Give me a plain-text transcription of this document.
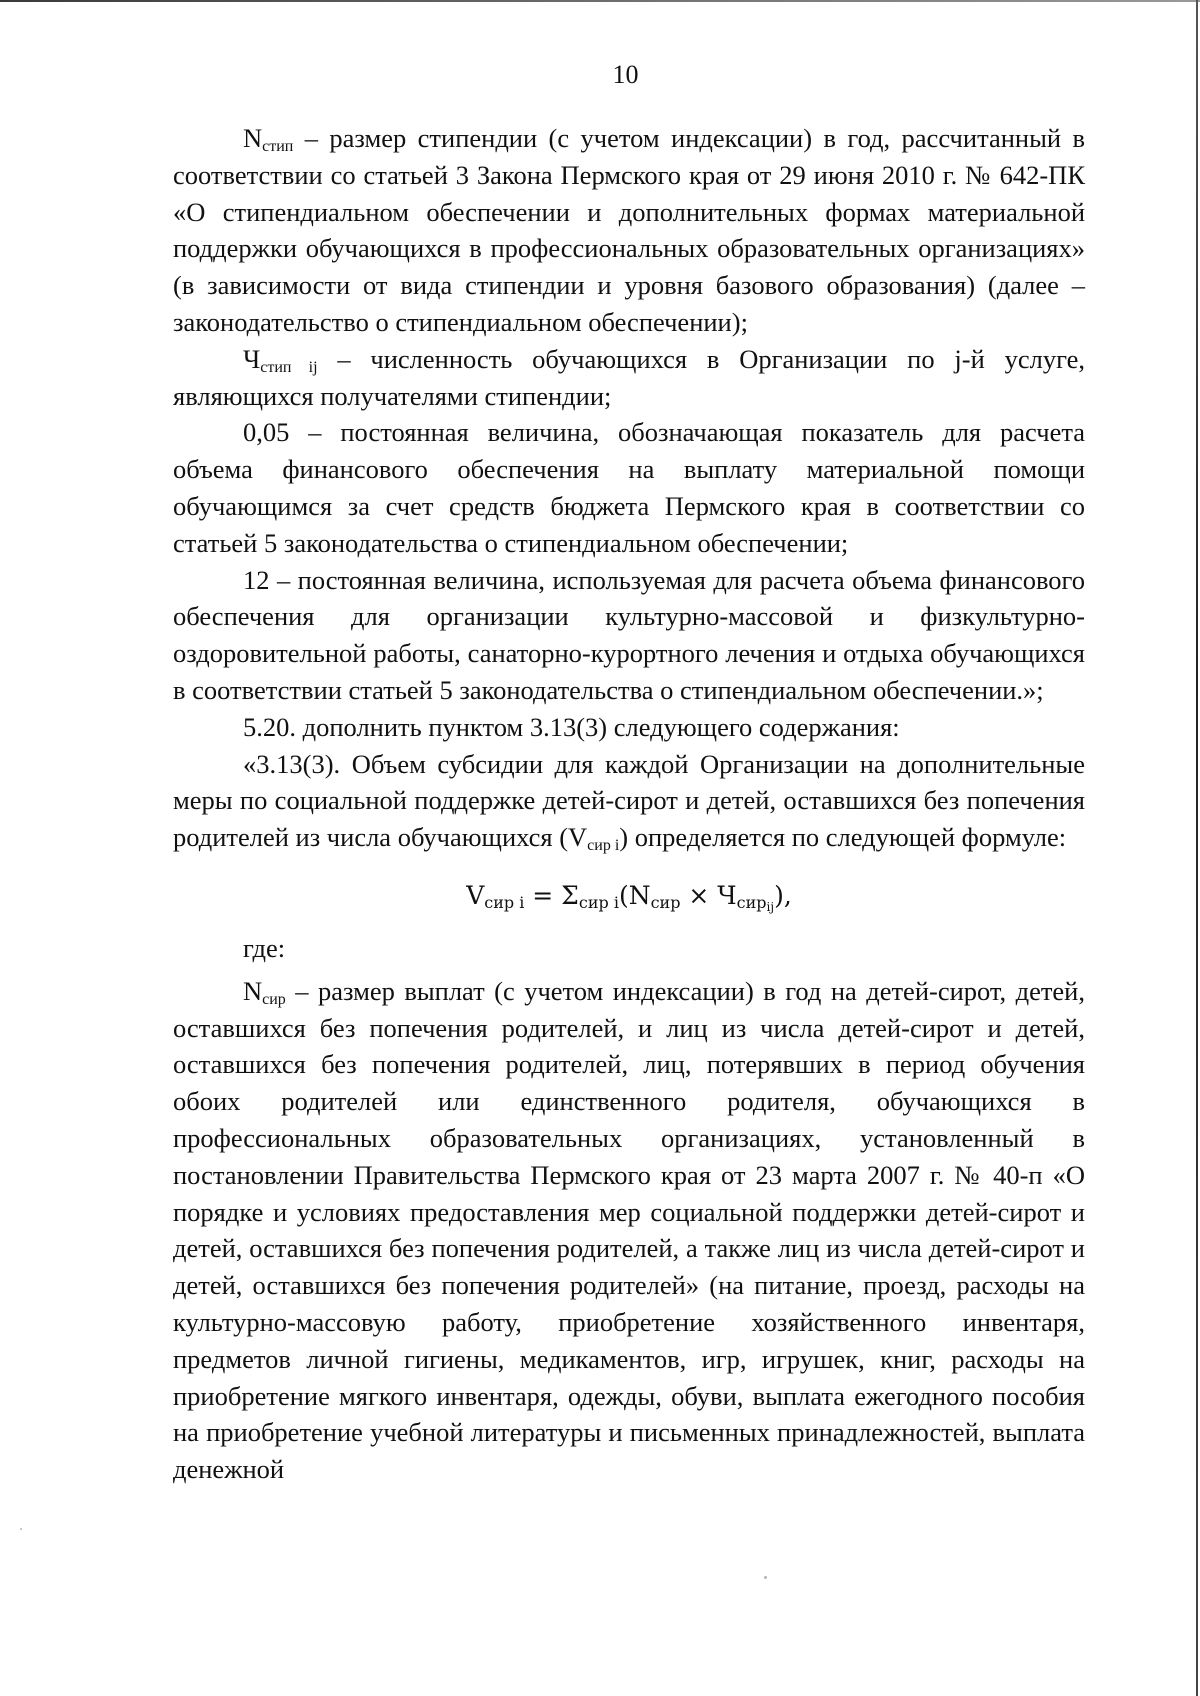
10

$N_{стип}$ – размер стипендии (с учетом индексации) в год, рассчитанный в соответствии со статьей 3 Закона Пермского края от 29 июня 2010 г. № 642-ПК «О стипендиальном обеспечении и дополнительных формах материальной поддержки обучающихся в профессиональных образовательных организациях» (в зависимости от вида стипендии и уровня базового образования) (далее – законодательство о стипендиальном обеспечении);

$Ч_{стип ij}$ – численность обучающихся в Организации по j-й услуге, являющихся получателями стипендии;

0,05 – постоянная величина, обозначающая показатель для расчета объема финансового обеспечения на выплату материальной помощи обучающимся за счет средств бюджета Пермского края в соответствии со статьей 5 законодательства о стипендиальном обеспечении;

12 – постоянная величина, используемая для расчета объема финансового обеспечения для организации культурно-массовой и физкультурно-оздоровительной работы, санаторно-курортного лечения и отдыха обучающихся в соответствии статьей 5 законодательства о стипендиальном обеспечении.»;

5.20. дополнить пунктом 3.13(3) следующего содержания:

«3.13(3). Объем субсидии для каждой Организации на дополнительные меры по социальной поддержке детей-сирот и детей, оставшихся без попечения родителей из числа обучающихся $(V_{сир i})$ определяется по следующей формуле:

$V_{сир i} = \Sigma_{сир i}(N_{сир} \times Ч_{сир_{ij}})$,

где:

$N_{сир}$ – размер выплат (с учетом индексации) в год на детей-сирот, детей, оставшихся без попечения родителей, и лиц из числа детей-сирот и детей, оставшихся без попечения родителей, лиц, потерявших в период обучения обоих родителей или единственного родителя, обучающихся в профессиональных образовательных организациях, установленный в постановлении Правительства Пермского края от 23 марта 2007 г. № 40-п «О порядке и условиях предоставления мер социальной поддержки детей-сирот и детей, оставшихся без попечения родителей, а также лиц из числа детей-сирот и детей, оставшихся без попечения родителей» (на питание, проезд, расходы на культурно-массовую работу, приобретение хозяйственного инвентаря, предметов личной гигиены, медикаментов, игр, игрушек, книг, расходы на приобретение мягкого инвентаря, одежды, обуви, выплата ежегодного пособия на приобретение учебной литературы и письменных принадлежностей, выплата денежной
